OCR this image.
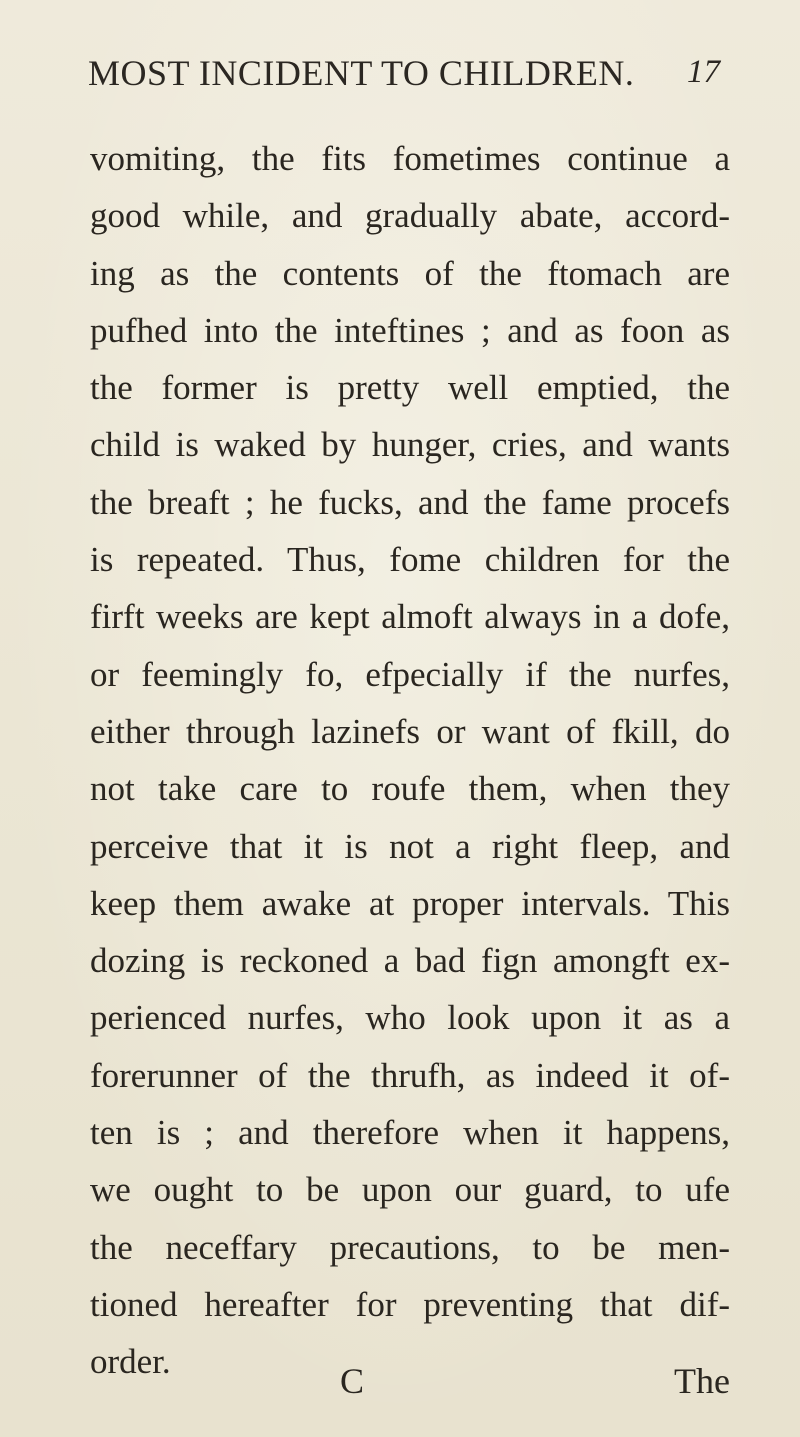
MOST INCIDENT TO CHILDREN. 17
vomiting, the fits fometimes continue a
good while, and gradually abate, accord-
ing as the contents of the ftomach are
pufhed into the inteftines ; and as foon as
the former is pretty well emptied, the
child is waked by hunger, cries, and wants
the breaft ; he fucks, and the fame procefs
is repeated. Thus, fome children for the
firft weeks are kept almoft always in a dofe,
or feemingly fo, efpecially if the nurfes,
either through lazinefs or want of fkill, do
not take care to roufe them, when they
perceive that it is not a right fleep, and
keep them awake at proper intervals. This
dozing is reckoned a bad fign amongft ex-
perienced nurfes, who look upon it as a
forerunner of the thrufh, as indeed it of-
ten is ; and therefore when it happens,
we ought to be upon our guard, to ufe
the neceffary precautions, to be men-
tioned hereafter for preventing that dif-
order.	C	The
